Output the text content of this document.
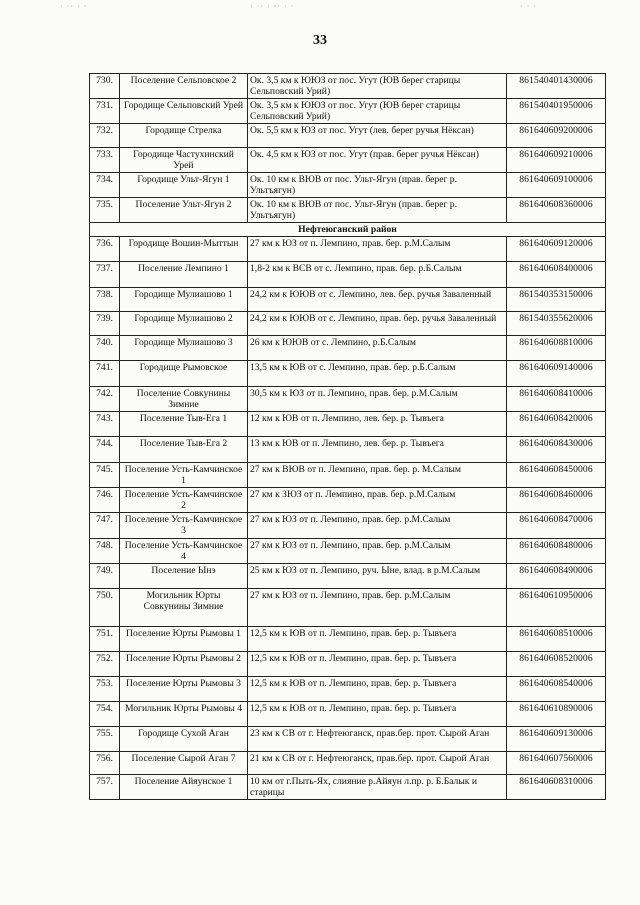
· ·· · ·	· ·· · ·· · ·	· · ·
33
730.	Поселение Сельповское 2	Ок. 3,5 км к ЮЮЗ от пос. Угут (ЮВ берег старицы Сельповский Урий)	861540401430006
731.	Городище Сельповский Урей	Ок. 3,5 км к ЮЮЗ от пос. Угут (ЮВ берег старицы Сельповский Урий)	861540401950006
732.	Городище Стрелка	Ок. 5,5 км к ЮЗ от пос. Угут (лев. берег ручья Нёксан)	861640609200006
733.	Городище Частухинский Урей	Ок. 4,5 км к ЮЗ от пос. Угут (прав. берег ручья Нёксан)	861640609210006
734.	Городище Ульт-Ягун 1	Ок. 10 км к ВЮВ от пос. Ульт-Ягун (прав. берег р. Ультъягун)	861640609100006
735.	Поселение Ульт-Ягун 2	Ок. 10 км к ВЮВ от пос. Ульт-Ягун (прав. берег р. Ультъягун)	861640608360006
Нефтеюганский район			
736.	Городище Вошин-Мыттын	27 км к ЮЗ от п. Лемпино, прав. бер. р.М.Салым	861640609120006
737.	Поселение Лемпино 1	1,8-2 км к ВСВ от с. Лемпино, прав. бер. р.Б.Салым	861640608400006
738.	Городище Мулиашово 1	24,2 км к ЮЮВ от с. Лемпино, лев. бер. ручья Заваленный	861540353150006
739.	Городище Мулиашово 2	24,2 км к ЮЮВ от с. Лемпино, прав. бер. ручья Заваленный	861540355620006
740.	Городище Мулиашово 3	26 км к ЮЮВ от с. Лемпино, р.Б.Салым	861640608810006
741.	Городище Рымовское	13,5 км к ЮВ от с. Лемпино, прав. бер. р.Б.Салым	861640609140006
742.	Поселение Совкунины Зимние	30,5 км к ЮЗ от п. Лемпино, прав. бер. р.М.Салым	861640608410006
743.	Поселение Тыв-Ега 1	12 км к ЮВ от п. Лемпино, лев. бер. р. Тывъега	861640608420006
744.	Поселение Тыв-Ега 2	13 км к ЮВ от п. Лемпино, лев. бер. р. Тывъега	861640608430006
745.	Поселение Усть-Камчинское 1	27 км к ВЮВ от п. Лемпино, прав. бер. р. М.Салым	861640608450006
746.	Поселение Усть-Камчинское 2	27 км к ЗЮЗ от п. Лемпино, прав. бер. р.М.Салым	861640608460006
747.	Поселение Усть-Камчинское 3	27 км к ЮЗ от п. Лемпино, прав. бер. р.М.Салым	861640608470006
748.	Поселение Усть-Камчинское 4	27 км к ЮЗ от п. Лемпино, прав. бер. р.М.Салым	861640608480006
749.	Поселение Ынэ	25 км к ЮЗ от п. Лемпино, руч. Ыне, влад. в р.М.Салым	861640608490006
750.	Могильник Юрты Совкунины Зимние	27 км к ЮЗ от п. Лемпино, прав. бер. р.М.Салым	861640610950006
751.	Поселение Юрты Рымовы 1	12,5 км к ЮВ от п. Лемпино, прав. бер. р. Тывъега	861640608510006
752.	Поселение Юрты Рымовы 2	12,5 км к ЮВ от п. Лемпино, прав. бер. р. Тывъега	861640608520006
753.	Поселение Юрты Рымовы 3	12,5 км к ЮВ от п. Лемпино, прав. бер. р. Тывъега	861640608540006
754.	Могильник Юрты Рымовы 4	12,5 км к ЮВ от п. Лемпино, прав. бер. р. Тывъега	861640610890006
755.	Городище Сухой Аган	23 км к СВ от г. Нефтеюганск, прав.бер. прот. Сырой Аган	861640609130006
756.	Поселение Сырой Аган 7	21 км к СВ от г. Нефтеюганск, прав.бер. прот. Сырой Аган	861640607560006
757.	Поселение Айяунское 1	10 км от г.Пыть-Ях, слияние р.Айяун л.пр. р. Б.Балык и старицы	861640608310006
